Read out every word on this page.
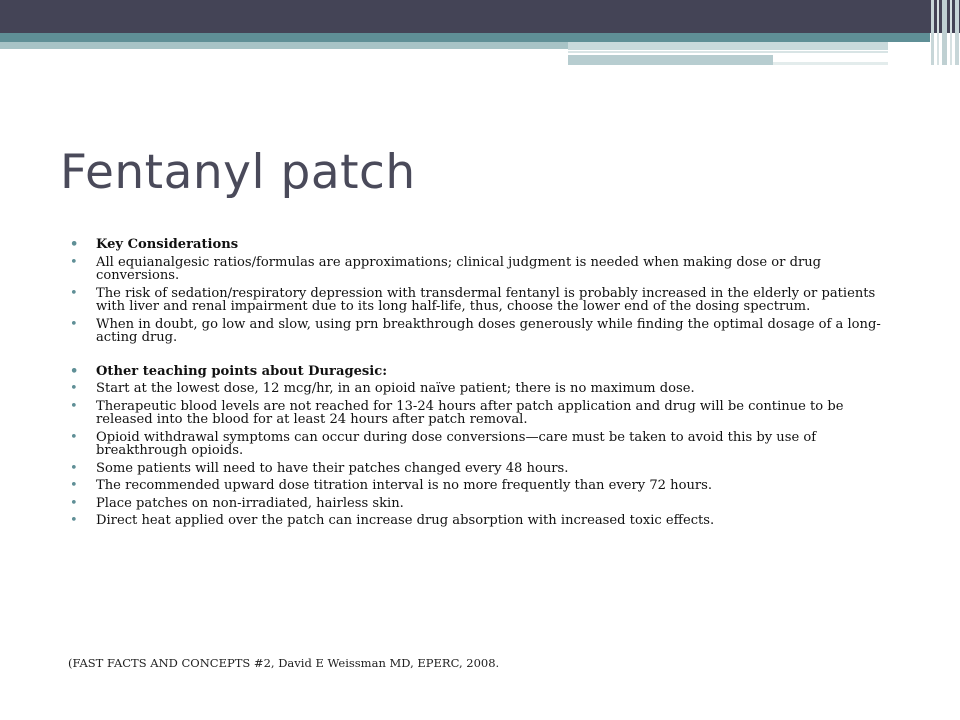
Fentanyl patch
• Key Considerations
• All equianalgesic ratios/formulas are approximations; clinical judgment is needed when making dose or drug conversions.
• The risk of sedation/respiratory depression with transdermal fentanyl is probably increased in the elderly or patients with liver and renal impairment due to its long half-life, thus, choose the lower end of the dosing spectrum.
• When in doubt, go low and slow, using prn breakthrough doses generously while finding the optimal dosage of a long-acting drug.
• Other teaching points about Duragesic:
• Start at the lowest dose, 12 mcg/hr, in an opioid naïve patient; there is no maximum dose.
• Therapeutic blood levels are not reached for 13-24 hours after patch application and drug will be continue to be released into the blood for at least 24 hours after patch removal.
• Opioid withdrawal symptoms can occur during dose conversions—care must be taken to avoid this by use of breakthrough opioids.
• Some patients will need to have their patches changed every 48 hours.
• The recommended upward dose titration interval is no more frequently than every 72 hours.
• Place patches on non-irradiated, hairless skin.
• Direct heat applied over the patch can increase drug absorption with increased toxic effects.

(FAST FACTS AND CONCEPTS #2, David E Weissman MD, EPERC, 2008.
